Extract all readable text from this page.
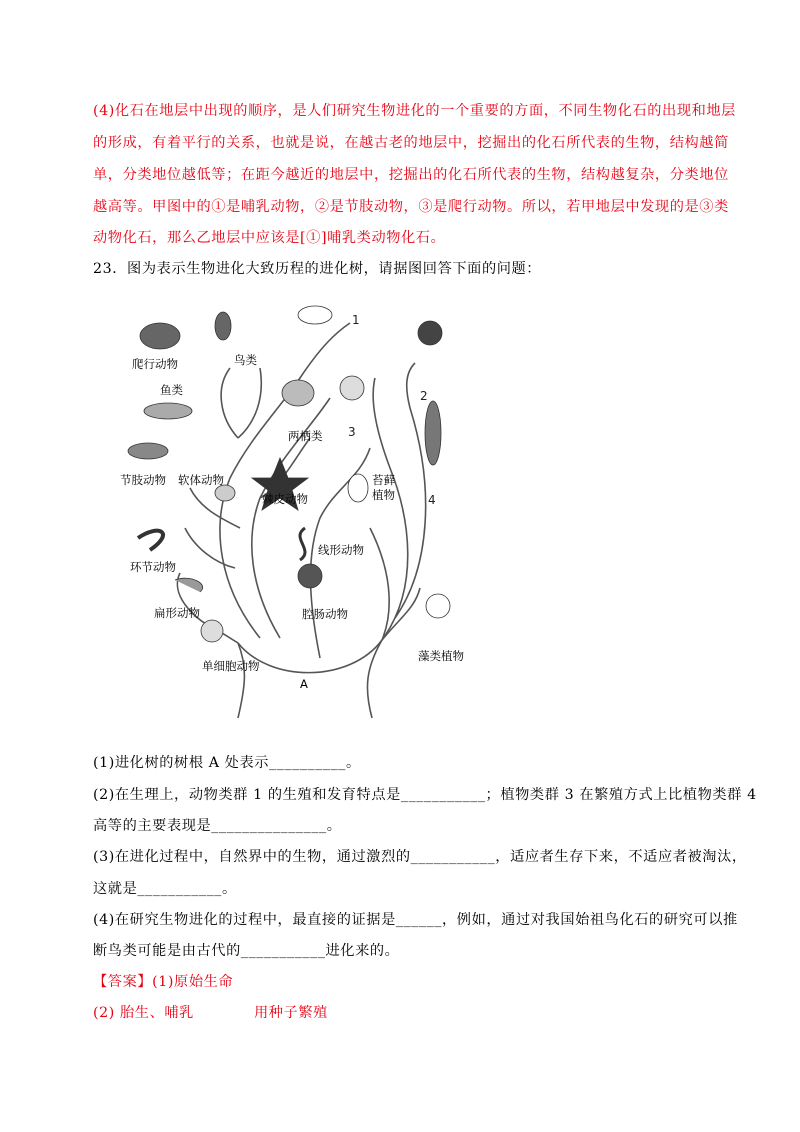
(4)化石在地层中出现的顺序，是人们研究生物进化的一个重要的方面，不同生物化石的出现和地层
的形成，有着平行的关系，也就是说，在越古老的地层中，挖掘出的化石所代表的生物，结构越简
单，分类地位越低等；在距今越近的地层中，挖掘出的化石所代表的生物，结构越复杂，分类地位
越高等。甲图中的①是哺乳动物，②是节肢动物，③是爬行动物。所以，若甲地层中发现的是③类
动物化石，那么乙地层中应该是[①]哺乳类动物化石。
23．图为表示生物进化大致历程的进化树，请据图回答下面的问题：
爬行动物	鸟类
1
鱼类
两栖类 3
2
4
节肢动物 软体动物
棘皮动物
苔藓
植物
线形动物
环节动物
扁形动物	腔肠动物
单细胞动物
藻类植物
A
(1)进化树的树根 A 处表示__________。
(2)在生理上，动物类群 1 的生殖和发育特点是___________；植物类群 3 在繁殖方式上比植物类群 4
高等的主要表现是_______________。
(3)在进化过程中，自然界中的生物，通过激烈的___________，适应者生存下来，不适应者被淘汰，
这就是___________。
(4)在研究生物进化的过程中，最直接的证据是______，例如，通过对我国始祖鸟化石的研究可以推
断鸟类可能是由古代的___________进化来的。
【答案】(1)原始生命
(2) 胎生、哺乳	用种子繁殖
